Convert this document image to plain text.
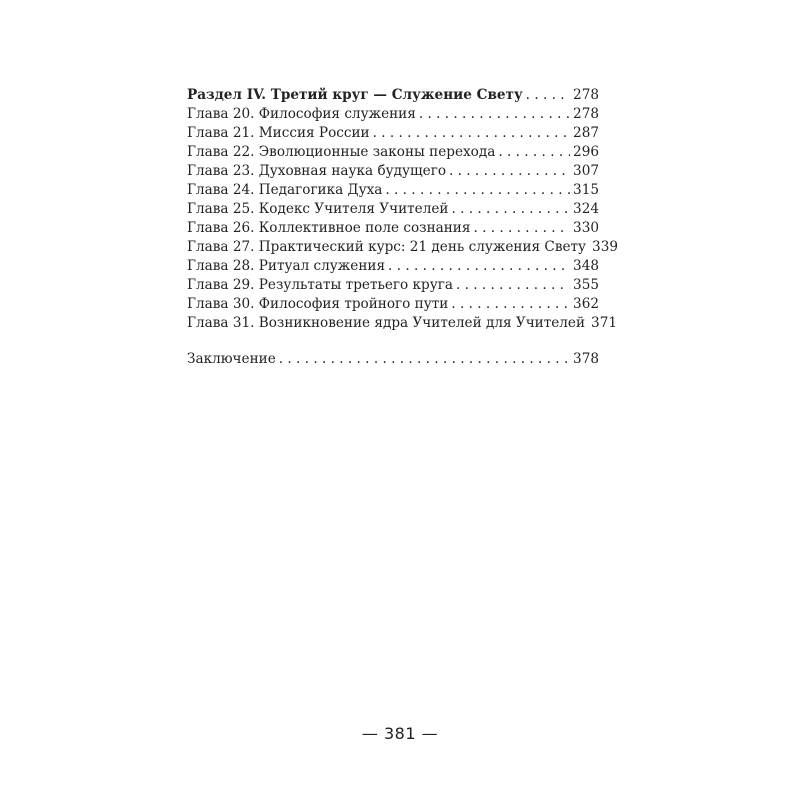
Раздел IV. Третий круг — Служение Свету . . .	278
Глава 20. Философия служения . . .	278
Глава 21. Миссия России . . .	287
Глава 22. Эволюционные законы перехода . . .	296
Глава 23. Духовная наука будущего . . .	307
Глава 24. Педагогика Духа . . .	315
Глава 25. Кодекс Учителя Учителей . . .	324
Глава 26. Коллективное поле сознания . . .	330
Глава 27. Практический курс: 21 день служения Свету 339
Глава 28. Ритуал служения . . .	348
Глава 29. Результаты третьего круга . . .	355
Глава 30. Философия тройного пути . . .	362
Глава 31. Возникновение ядра Учителей для Учителей 371
Заключение . . .	378
— 381 —
